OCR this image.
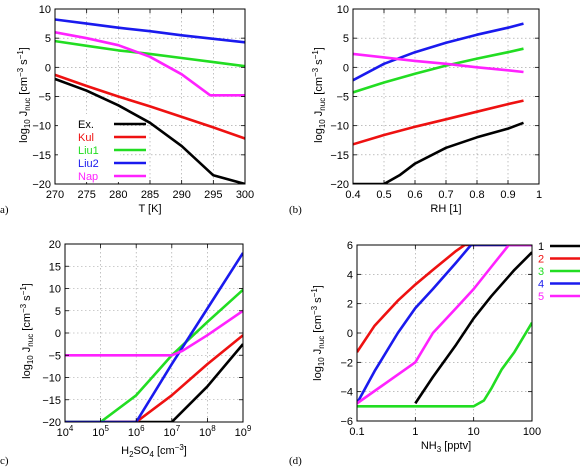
270 275 280 285 290 295 300
−20
−15
−10
−5
0
5
10
T [K]
$\log_{10} J_{nuc}$ [$cm^{-3}$ $s^{-1}$]
a)
Ex.
Kul
Liu1
Liu2
Nap
0.4 0.5 0.6 0.7 0.8 0.9 1
−20
−15
−10
−5
0
5
10
RH [1]
$\log_{10} J_{nuc}$ [$cm^{-3}$ $s^{-1}$]
(b)
$10^4$ $10^5$ $10^6$ $10^7$ $10^8$ $10^9$
−20
−15
−10
−5
0
5
10
15
20
$H_2SO_4$ $[cm^{-3}]$
$\log_{10} J_{nuc}$ [$cm^{-3}$ $s^{-1}$]
c)
0.1	1	10	100
−6
−4
−2
0
2
4
6
$NH_3$ [pptv]
$\log_{10} J_{nuc}$ [$cm^{-3}$ $s^{-1}$]
(d)
1
2
3
4
5
